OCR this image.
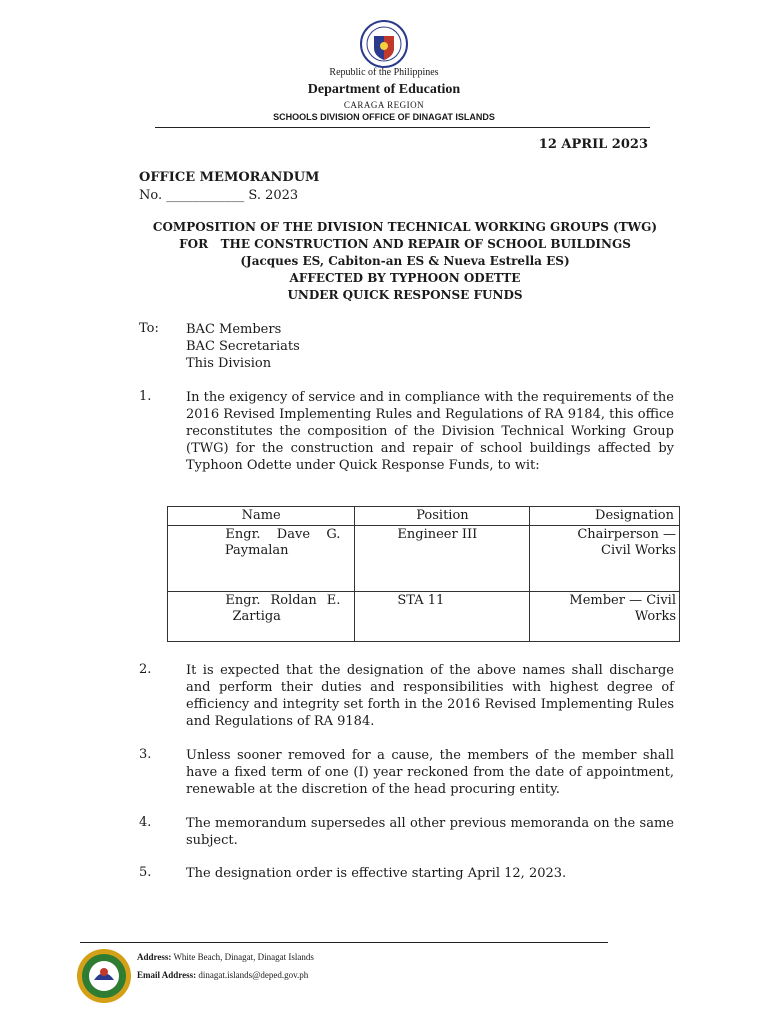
Republic of the Philippines
Department of Education
CARAGA REGION
SCHOOLS DIVISION OFFICE OF DINAGAT ISLANDS
12 APRIL 2023
OFFICE MEMORANDUM
No. ____________ S. 2023
COMPOSITION OF THE DIVISION TECHNICAL WORKING GROUPS (TWG)
FOR   THE CONSTRUCTION AND REPAIR OF SCHOOL BUILDINGS
(Jacques ES, Cabiton-an ES & Nueva Estrella ES)
AFFECTED BY TYPHOON ODETTE
UNDER QUICK RESPONSE FUNDS
To: BAC Members
BAC Secretariats
This Division
1.	In the exigency of service and in compliance with the requirements of the 2016 Revised Implementing Rules and Regulations of RA 9184, this office reconstitutes the composition of the Division Technical Working Group (TWG) for the construction and repair of school buildings affected by Typhoon Odette under Quick Response Funds, to wit:
Name	Position	Designation
Engr. Dave G.
Paymalan	Engineer III	Chairperson — Civil Works
Engr. Roldan E.
Zartiga	STA 11	Member — Civil Works
2.	It is expected that the designation of the above names shall discharge and perform their duties and responsibilities with highest degree of efficiency and integrity set forth in the 2016 Revised Implementing Rules and Regulations of RA 9184.
3.	Unless sooner removed for a cause, the members of the member shall have a fixed term of one (I) year reckoned from the date of appointment, renewable at the discretion of the head procuring entity.
4.	The memorandum supersedes all other previous memoranda on the same subject.
5.	The designation order is effective starting April 12, 2023.
Address: White Beach, Dinagat, Dinagat Islands
Email Address: dinagat.islands@deped.gov.ph
